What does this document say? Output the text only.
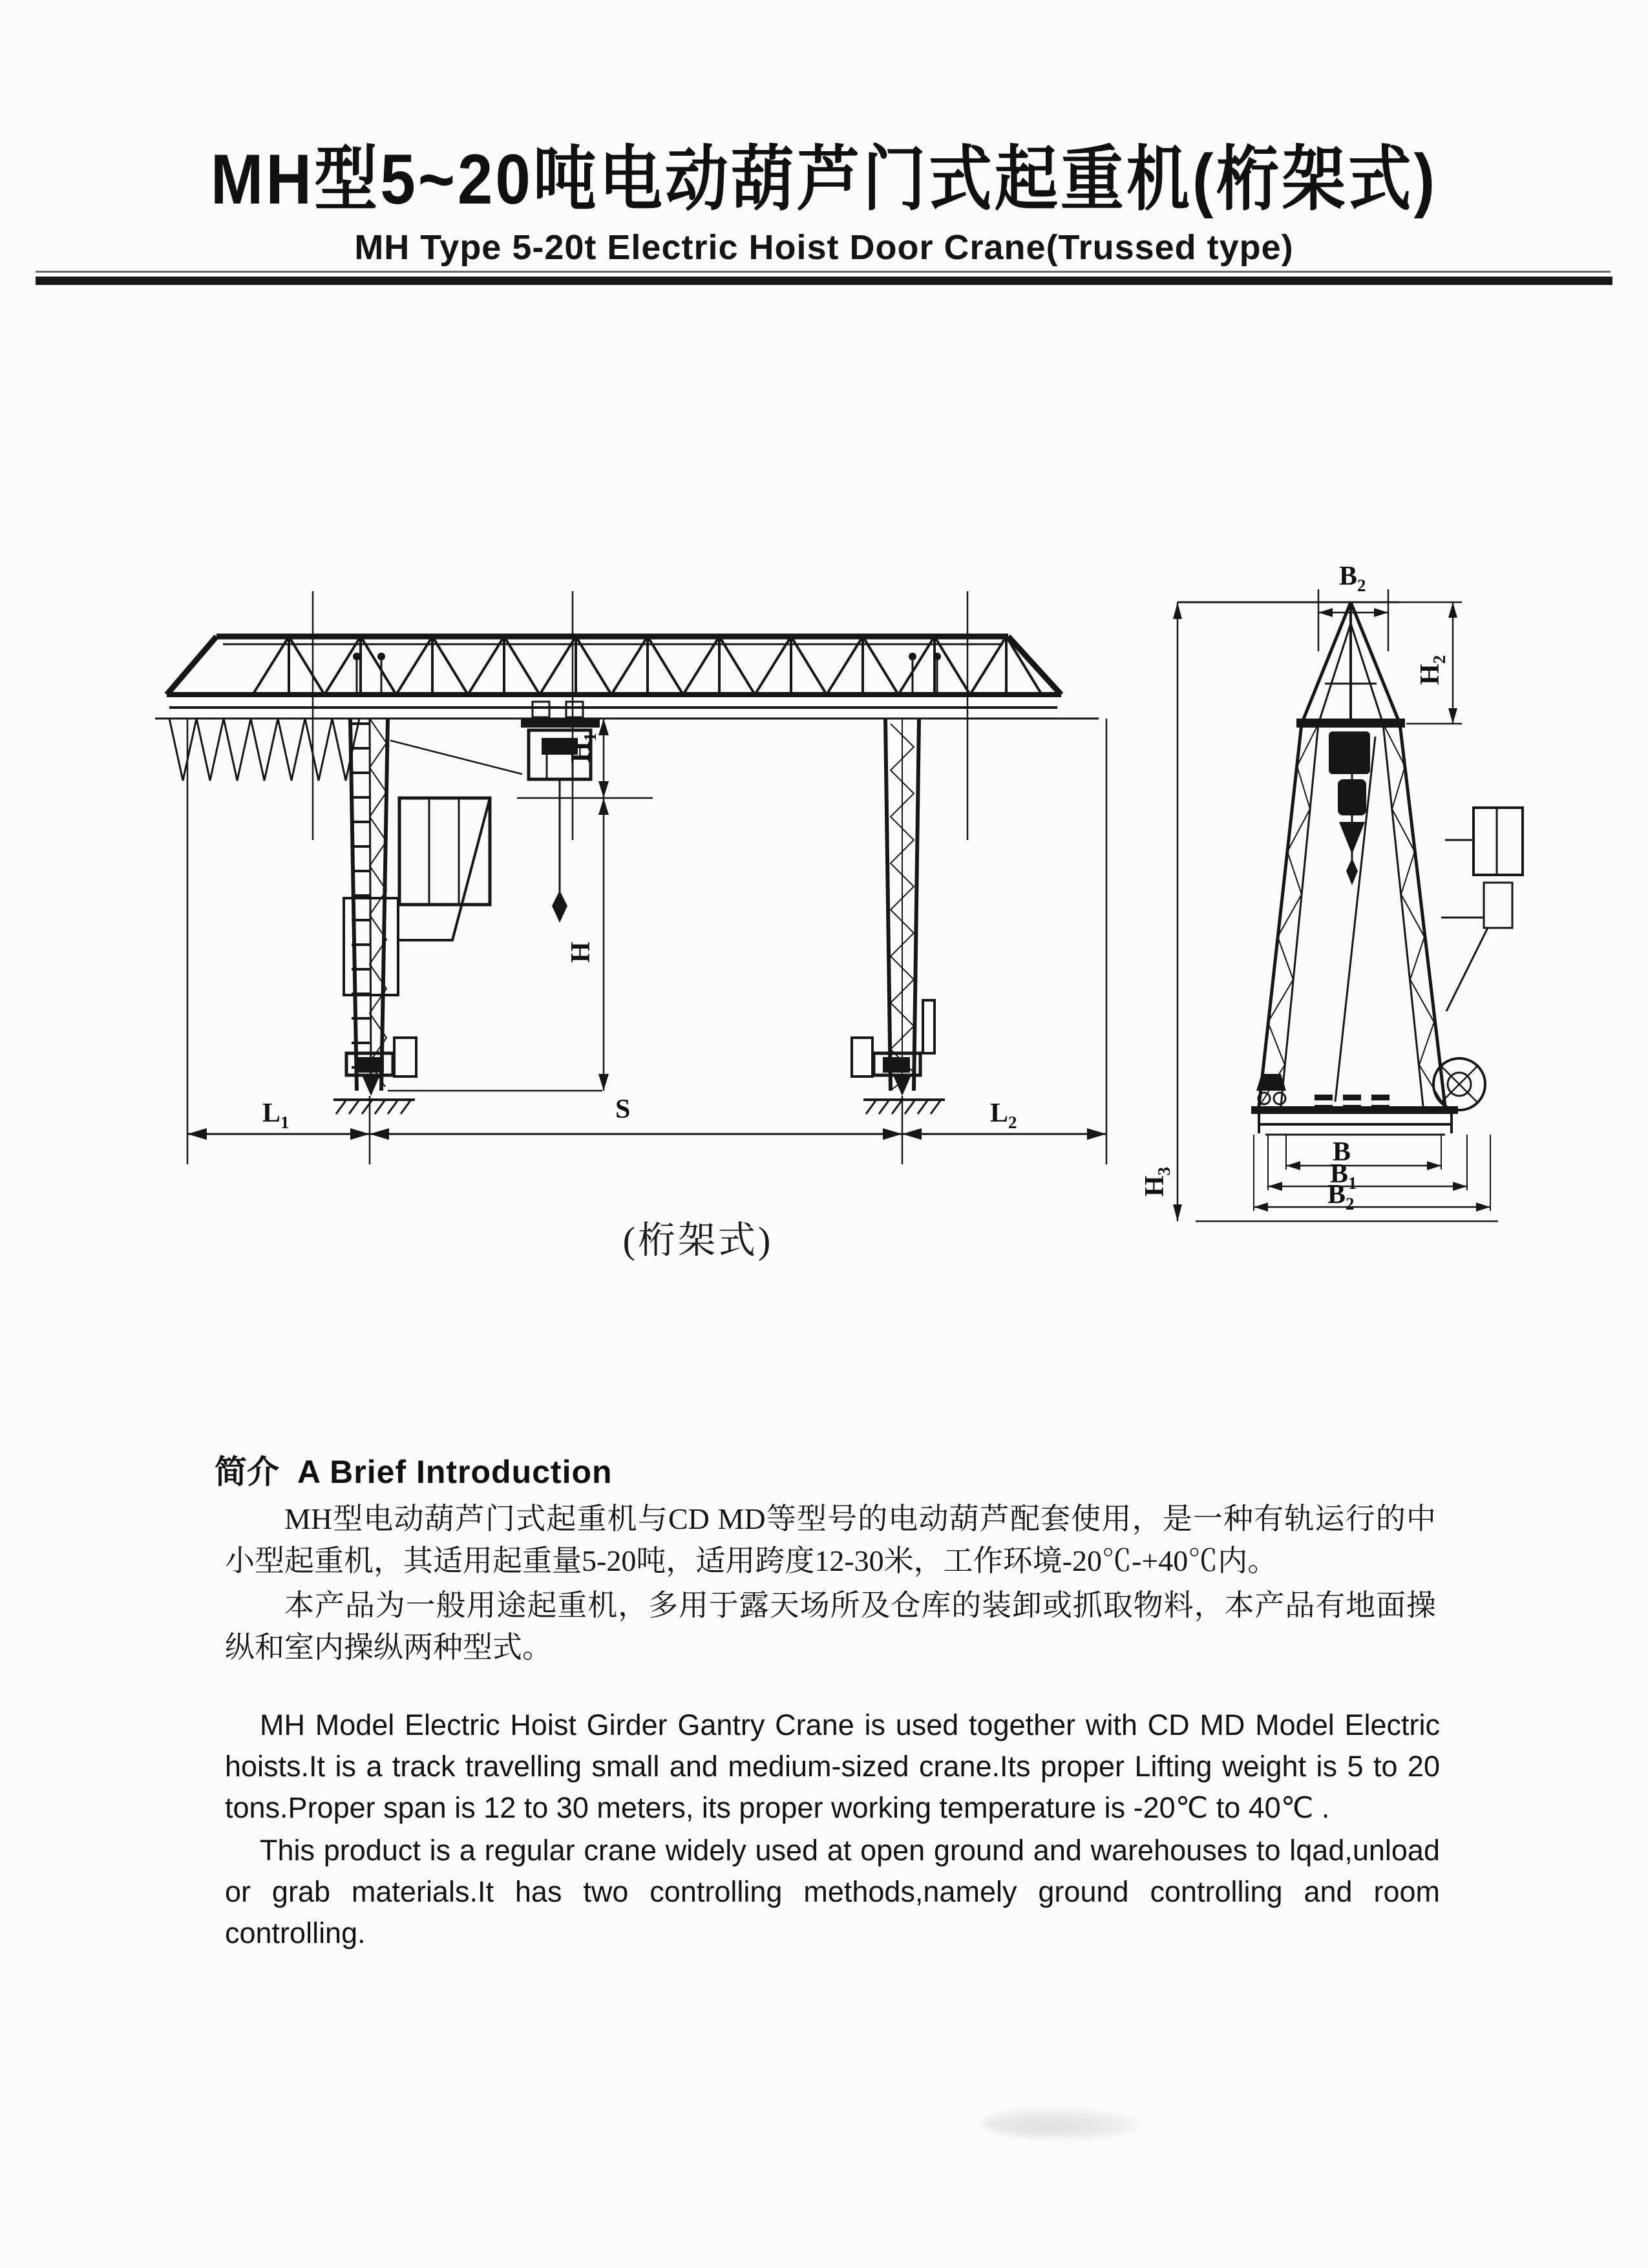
MH型5~20吨电动葫芦门式起重机(桁架式)
MH Type 5-20t Electric Hoist Door Crane(Trussed type)
$H_1$
H
$L_1$	S	$L_2$
$B_2$
$H_2$
B
$B_1$
$B_2$
$H_3$
(桁架式)
简介 A Brief Introduction

MH型电动葫芦门式起重机与CD MD等型号的电动葫芦配套使用，是一种有轨运行的中小型起重机，其适用起重量5-20吨，适用跨度12-30米，工作环境-20℃-+40℃内。

本产品为一般用途起重机，多用于露天场所及仓库的装卸或抓取物料，本产品有地面操纵和室内操纵两种型式。

MH Model Electric Hoist Girder Gantry Crane is used together with CD MD Model Electric hoists.It is a track travelling small and medium-sized crane.Its proper Lifting weight is 5 to 20 tons.Proper span is 12 to 30 meters, its proper working temperature is -20℃ to 40℃ .

This product is a regular crane widely used at open ground and warehouses to lqad,unload or grab materials.It has two controlling methods,namely ground controlling and room controlling.
